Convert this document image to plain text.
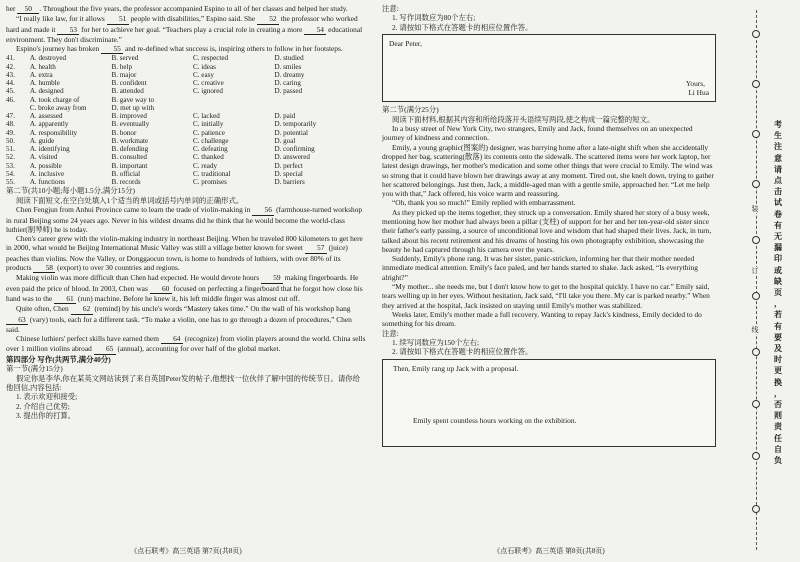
her 50 . Throughout the five years, the professor accompanied Espino to all of her classes and helped her study.

“I really like law, for it allows 51 people with disabilities,” Espino said. She 52 the professor who worked hard and made it 53 for her to achieve her goal. “Teachers play a crucial role in creating a more 54 educational environment. They don't discriminate.”

Espino's journey has broken 55 and re-defined what success is, inspiring others to follow in her footsteps.

41.	A. destroyed	B. served	C. respected	D. studied
42.	A. health	B. help	C. ideas	D. smiles
43.	A. extra	B. major	C. easy	D. dreamy
44.	A. humble	B. confident	C. creative	D. caring
45.	A. designed	B. attended	C. ignored	D. passed
46.	A. took charge of	B. gave way to		
	C. broke away from	D. met up with		
47.	A. assessed	B. improved	C. lacked	D. paid
48.	A. apparently	B. eventually	C. initially	D. temporarily
49.	A. responsibility	B. honor	C. patience	D. potential
50.	A. guide	B. workmate	C. challenge	D. goal
51.	A. identifying	B. defending	C. defeating	D. confirming
52.	A. visited	B. consulted	C. thanked	D. answered
53.	A. possible	B. important	C. ready	D. perfect
54.	A. inclusive	B. official	C. traditional	D. special
55.	A. functions	B. records	C. promises	D. barriers

第二节(共10小题;每小题1.5分,满分15分)

阅读下面短文,在空白处填入1个适当的单词或括号内单词的正确形式。

Chen Fengjun from Anhui Province came to learn the trade of violin-making in 56 (farmhouse-turned workshop in rural Beijing some 24 years ago. Never in his wildest dreams did he think that he would become the world-class luthier(制琴师) he is today.

Chen's career grew with the violin-making industry in northeast Beijing. When he traveled 800 kilometers to get here in 2000, what would be Beijing International Music Valley was still a village better known for sweet 57 (juice) peaches than violins. Now the Valley, or Donggaocun town, is home to hundreds of luthiers, with over 80% of its products 58 (export) to over 30 countries and regions.

Making violin was more difficult than Chen had expected. He would devote hours 59 making fingerboards. He even paid the price of blood. In 2003, Chen was 60 focused on perfecting a fingerboard that he forgot how close his hand was to the 61 (run) machine. Before he knew it, his left middle finger was almost cut off.

Quite often, Chen 62 (remind) by his uncle's words “Mastery takes time.” On the wall of his workshop hang 63 (vary) tools, each for a different task. “To make a violin, one has to go through a dozen of procedures,” Chen said.

Chinese luthiers' perfect skills have earned them 64 (recognize) from violin players around the world. China sells over 1 million violins abroad 65 (annual), accounting for over half of the global market.

第四部分 写作(共两节,满分40分)

第一节(满分15分)

假定你是李华,你在某英文网站读到了来自英国Peter发的帖子,他想找一位伙伴了解中国的传统节日。请你给他回信,内容包括:

1. 表示欢迎和接受;

2. 介绍自己优势;

3. 提出你的打算。

《点石联考》高三英语 第7页(共8页)

注意:

1. 写作词数应为80个左右;

2. 请按如下格式在答题卡的相应位置作答。

Dear Peter,
Yours,
Li Hua

第二节(满分25分)

阅读下面材料,根据其内容和所给段落开头语续写两段,使之构成一篇完整的短文。

In a busy street of New York City, two strangers, Emily and Jack, found themselves on an unexpected journey of kindness and connection.

Emily, a young graphic(图案的) designer, was hurrying home after a late-night shift when she accidentally dropped her bag, scattering(散落) its contents onto the sidewalk. The scattered items were her work laptop, her latest design drawings, her mother's medication and some other things that were crucial to Emily. The wind was so strong that it could have blown her drawings away at any moment. Tired out, she knelt down, trying to gather her scattered belongings. Just then, Jack, a middle-aged man with a gentle smile, approached her. “Let me help you with that,” Jack offered, his voice warm and reassuring.

“Oh, thank you so much!” Emily replied with embarrassment.

As they picked up the items together, they struck up a conversation. Emily shared her story of a busy week, mentioning how her mother had always been a pillar (支柱) of support for her and her ten-year-old sister since their father's early passing, a source of unconditional love and wisdom that had shaped their lives. Jack, in turn, talked about his recent retirement and his dreams of hosting his own photography exhibition, showcasing the beauty he had captured through his camera over the years.

Suddenly, Emily's phone rang. It was her sister, panic-stricken, informing her that their mother needed immediate medical attention. Emily's face paled, and her hands started to shake. Jack asked, “Is everything alright?”

“My mother... she needs me, but I don't know how to get to the hospital quickly. I have no car.” Emily said, tears welling up in her eyes. Without hesitation, Jack said, “I'll take you there. My car is parked nearby.” When they arrived at the hospital, Jack insisted on staying until Emily's mother was stabilized.

Weeks later, Emily's mother made a full recovery. Wanting to repay Jack's kindness, Emily decided to do something for his dream.

注意:

1. 续写词数应为150个左右;

2. 请按如下格式在答题卡的相应位置作答。

Then, Emily rang up Jack with a proposal.
Emily spent countless hours working on the exhibition.
《点石联考》高三英语 第8页(共8页)
装
订
线
考
生
注
意
请
点
击
试
卷
有
无
漏
印
或
缺
页
，
若
有
要
及
时
更
换
，
否
则
责
任
自
负
